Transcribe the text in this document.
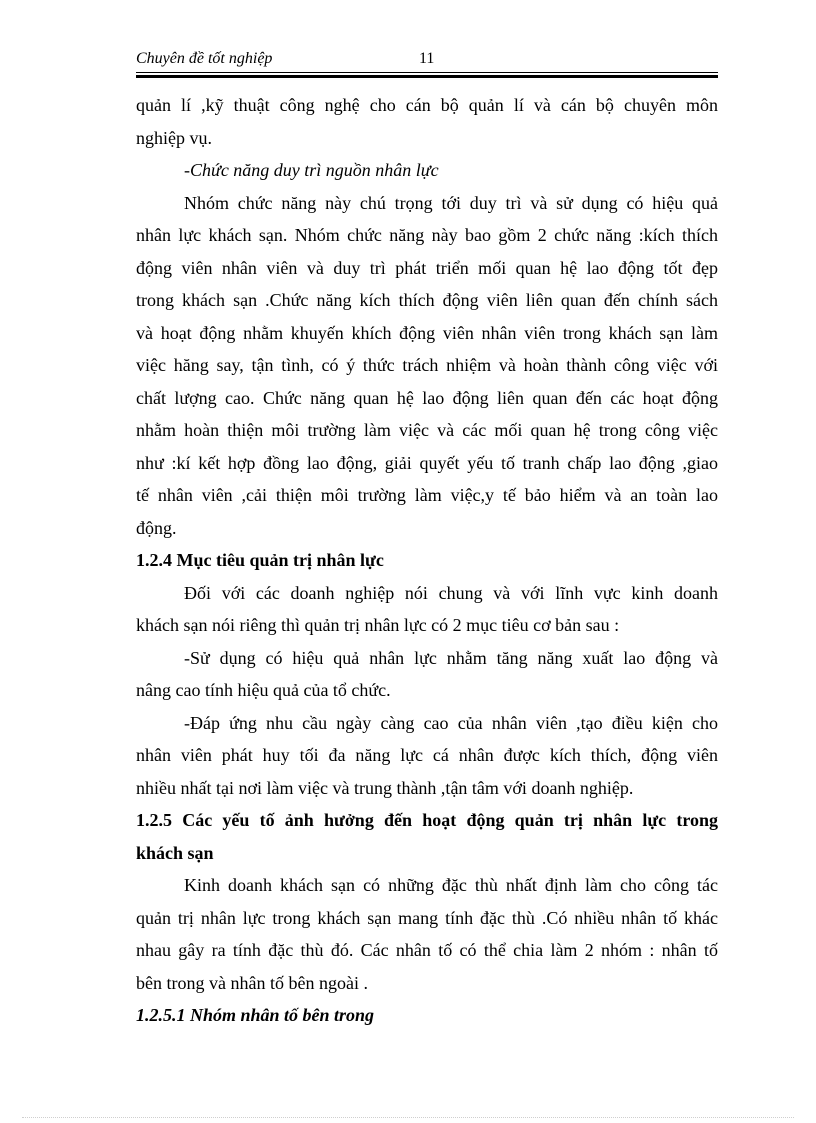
Chuyên đề tốt nghiệp	11
quản lí ,kỹ thuật công nghệ cho cán bộ quản lí và cán bộ chuyên môn
nghiệp vụ.
-Chức năng duy trì nguồn nhân lực
Nhóm chức năng này chú trọng tới duy trì và sử dụng có hiệu quả
nhân lực khách sạn. Nhóm chức năng này bao gồm 2 chức năng :kích thích
động viên nhân viên và duy trì phát triển mối quan hệ lao động tốt đẹp
trong khách sạn .Chức năng kích thích động viên liên quan đến chính sách
và hoạt động nhằm khuyến khích động viên nhân viên trong khách sạn làm
việc hăng say, tận tình, có ý thức trách nhiệm và hoàn thành công việc với
chất lượng cao. Chức năng quan hệ lao động liên quan đến các hoạt động
nhằm hoàn thiện môi trường làm việc và các mối quan hệ trong công việc
như :kí kết hợp đồng lao động, giải quyết yếu tố tranh chấp lao động ,giao
tế nhân viên ,cải thiện môi trường làm việc,y tế bảo hiểm và an toàn lao
động.
1.2.4 Mục tiêu quản trị nhân lực
Đối với các doanh nghiệp nói chung và với lĩnh vực kinh doanh
khách sạn nói riêng thì quản trị nhân lực có 2 mục tiêu cơ bản sau :
-Sử dụng có hiệu quả nhân lực nhằm tăng năng xuất lao động và
nâng cao tính hiệu quả của tổ chức.
-Đáp ứng nhu cầu ngày càng cao của nhân viên ,tạo điều kiện cho
nhân viên phát huy tối đa năng lực cá nhân được kích thích, động viên
nhiều nhất tại nơi làm việc và trung thành ,tận tâm với doanh nghiệp.
1.2.5 Các yếu tố ảnh hưởng đến hoạt động quản trị nhân lực trong
khách sạn
Kinh doanh khách sạn có những đặc thù nhất định làm cho công tác
quản trị nhân lực trong khách sạn mang tính đặc thù .Có nhiều nhân tố khác
nhau gây ra tính đặc thù đó. Các nhân tố có thể chia làm 2 nhóm : nhân tố
bên trong và nhân tố bên ngoài .
1.2.5.1 Nhóm nhân tố bên trong
